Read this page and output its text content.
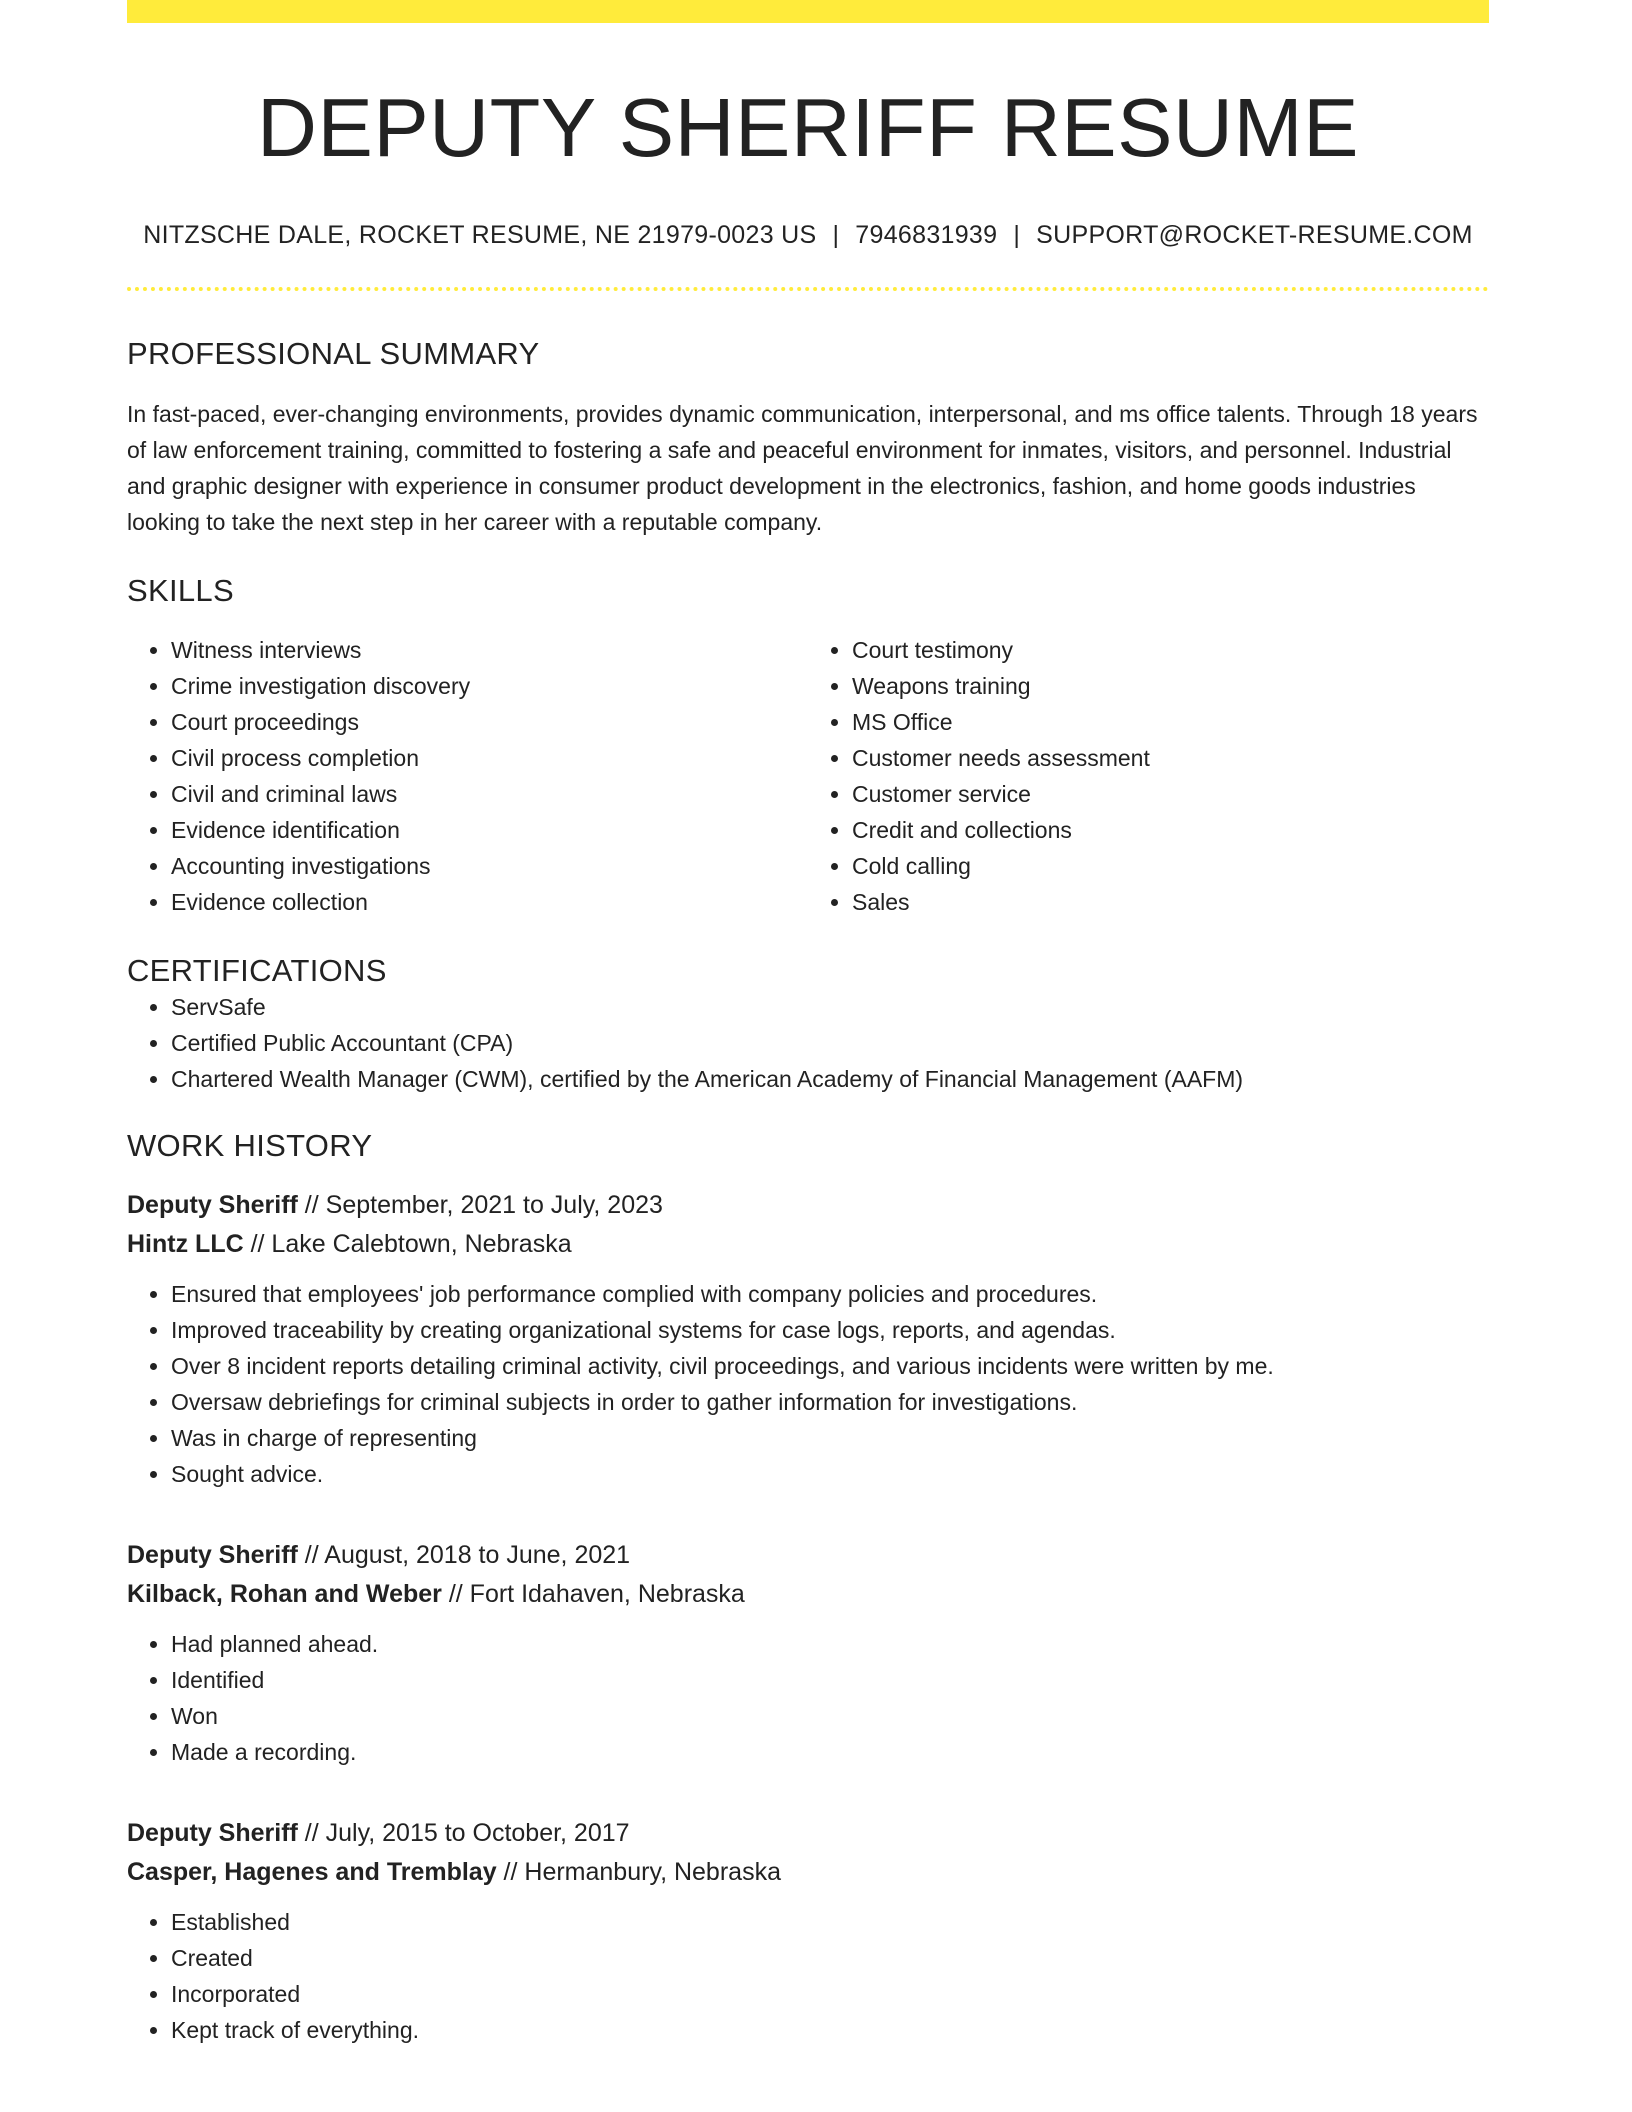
DEPUTY SHERIFF RESUME
NITZSCHE DALE, ROCKET RESUME, NE 21979-0023 US | 7946831939 | SUPPORT@ROCKET-RESUME.COM
PROFESSIONAL SUMMARY
In fast-paced, ever-changing environments, provides dynamic communication, interpersonal, and ms office talents. Through 18 years of law enforcement training, committed to fostering a safe and peaceful environment for inmates, visitors, and personnel. Industrial and graphic designer with experience in consumer product development in the electronics, fashion, and home goods industries looking to take the next step in her career with a reputable company.
SKILLS
• Witness interviews
• Crime investigation discovery
• Court proceedings
• Civil process completion
• Civil and criminal laws
• Evidence identification
• Accounting investigations
• Evidence collection
• Court testimony
• Weapons training
• MS Office
• Customer needs assessment
• Customer service
• Credit and collections
• Cold calling
• Sales
CERTIFICATIONS
• ServSafe
• Certified Public Accountant (CPA)
• Chartered Wealth Manager (CWM), certified by the American Academy of Financial Management (AAFM)
WORK HISTORY
Deputy Sheriff // September, 2021 to July, 2023
Hintz LLC // Lake Calebtown, Nebraska
• Ensured that employees' job performance complied with company policies and procedures.
• Improved traceability by creating organizational systems for case logs, reports, and agendas.
• Over 8 incident reports detailing criminal activity, civil proceedings, and various incidents were written by me.
• Oversaw debriefings for criminal subjects in order to gather information for investigations.
• Was in charge of representing
• Sought advice.
Deputy Sheriff // August, 2018 to June, 2021
Kilback, Rohan and Weber // Fort Idahaven, Nebraska
• Had planned ahead.
• Identified
• Won
• Made a recording.
Deputy Sheriff // July, 2015 to October, 2017
Casper, Hagenes and Tremblay // Hermanbury, Nebraska
• Established
• Created
• Incorporated
• Kept track of everything.
